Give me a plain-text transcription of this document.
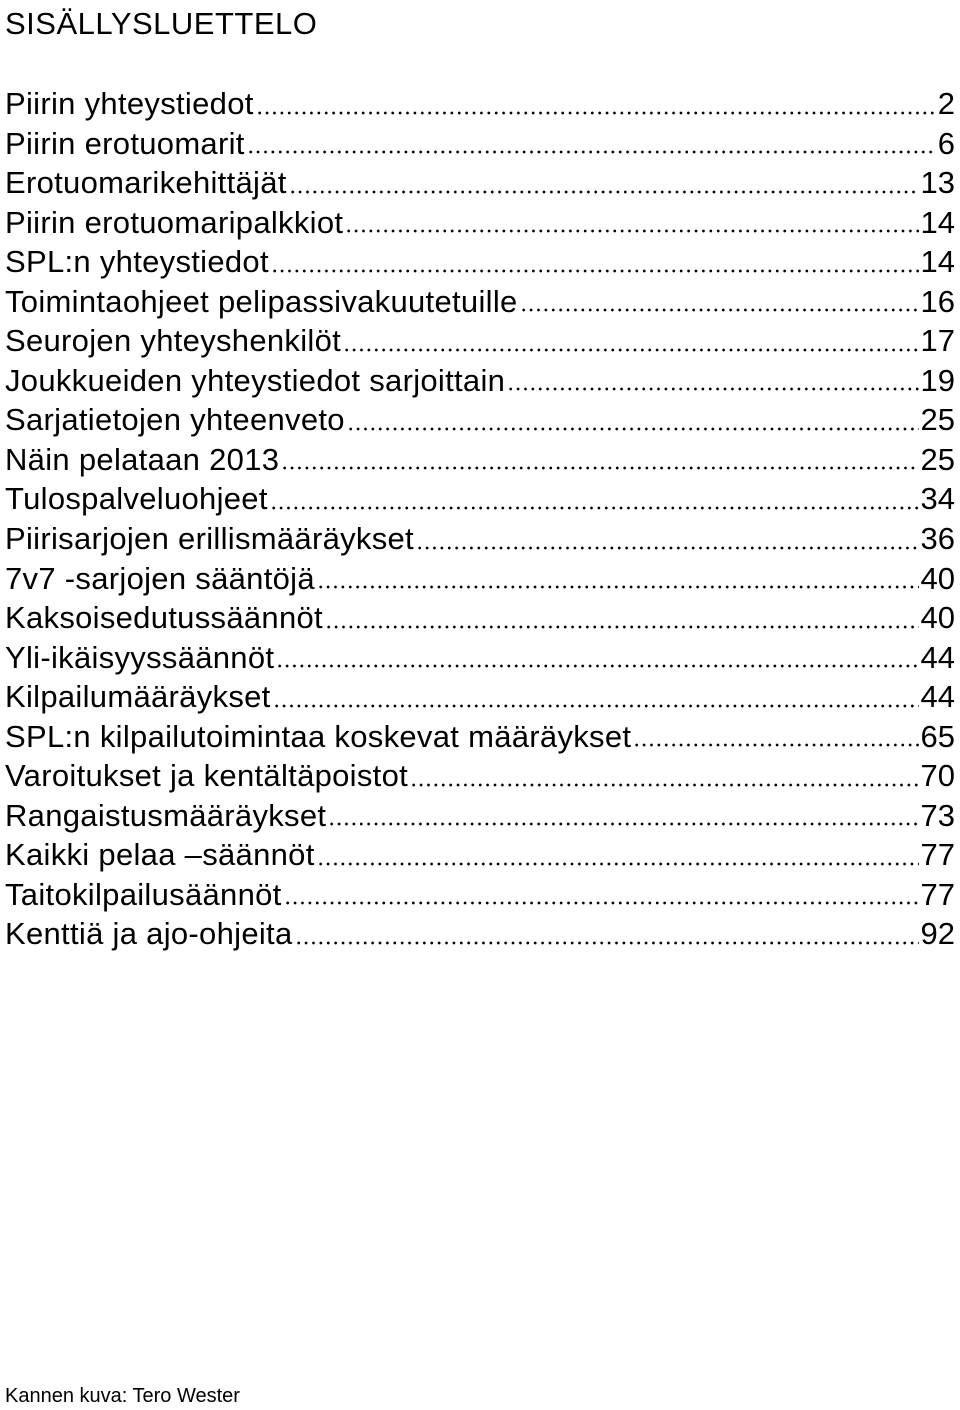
SISÄLLYSLUETTELO
Piirin yhteystiedot	2
Piirin erotuomarit	6
Erotuomarikehittäjät	13
Piirin erotuomaripalkkiot	14
SPL:n yhteystiedot	14
Toimintaohjeet pelipassivakuutetuille	16
Seurojen yhteyshenkilöt	17
Joukkueiden yhteystiedot sarjoittain	19
Sarjatietojen yhteenveto	25
Näin pelataan 2013	25
Tulospalveluohjeet	34
Piirisarjojen erillismääräykset	36
7v7 -sarjojen sääntöjä	40
Kaksoisedutussäännöt	40
Yli-ikäisyyssäännöt	44
Kilpailumääräykset	44
SPL:n kilpailutoimintaa koskevat määräykset	65
Varoitukset ja kentältäpoistot	70
Rangaistusmääräykset	73
Kaikki pelaa –säännöt	77
Taitokilpailusäännöt	77
Kenttiä ja ajo-ohjeita	92

Kannen kuva: Tero Wester
